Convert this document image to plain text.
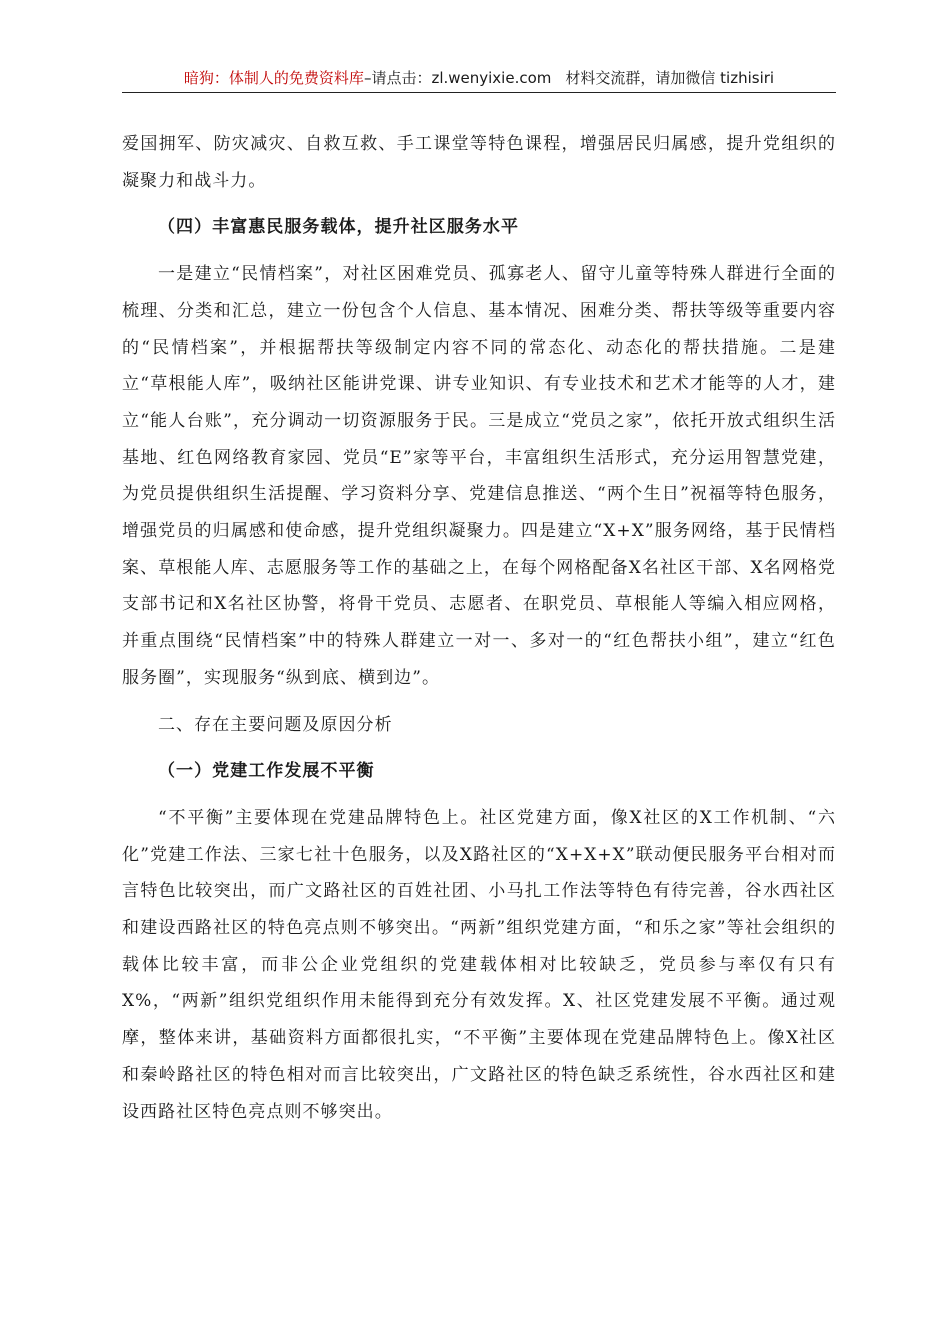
暗狗：体制人的免费资料库–请点击：zl.wenyixie.com 材料交流群，请加微信 tizhisiri

爱国拥军、防灾减灾、自救互救、手工课堂等特色课程，增强居民归属感，提升党组织的凝聚力和战斗力。

（四）丰富惠民服务载体，提升社区服务水平

一是建立“民情档案”，对社区困难党员、孤寡老人、留守儿童等特殊人群进行全面的梳理、分类和汇总，建立一份包含个人信息、基本情况、困难分类、帮扶等级等重要内容的“民情档案”，并根据帮扶等级制定内容不同的常态化、动态化的帮扶措施。二是建立“草根能人库”，吸纳社区能讲党课、讲专业知识、有专业技术和艺术才能等的人才，建立“能人台账”，充分调动一切资源服务于民。三是成立“党员之家”，依托开放式组织生活基地、红色网络教育家园、党员“E”家等平台，丰富组织生活形式，充分运用智慧党建，为党员提供组织生活提醒、学习资料分享、党建信息推送、“两个生日”祝福等特色服务，增强党员的归属感和使命感，提升党组织凝聚力。四是建立“X+X”服务网络，基于民情档案、草根能人库、志愿服务等工作的基础之上，在每个网格配备X名社区干部、X名网格党支部书记和X名社区协警，将骨干党员、志愿者、在职党员、草根能人等编入相应网格，并重点围绕“民情档案”中的特殊人群建立一对一、多对一的“红色帮扶小组”，建立“红色服务圈”，实现服务“纵到底、横到边”。

二、存在主要问题及原因分析

（一）党建工作发展不平衡

“不平衡”主要体现在党建品牌特色上。社区党建方面，像X社区的X工作机制、“六化”党建工作法、三家七社十色服务，以及X路社区的“X+X+X”联动便民服务平台相对而言特色比较突出，而广文路社区的百姓社团、小马扎工作法等特色有待完善，谷水西社区和建设西路社区的特色亮点则不够突出。“两新”组织党建方面，“和乐之家”等社会组织的载体比较丰富，而非公企业党组织的党建载体相对比较缺乏，党员参与率仅有只有X%，“两新”组织党组织作用未能得到充分有效发挥。X、社区党建发展不平衡。通过观摩，整体来讲，基础资料方面都很扎实，“不平衡”主要体现在党建品牌特色上。像X社区和秦岭路社区的特色相对而言比较突出，广文路社区的特色缺乏系统性，谷水西社区和建设西路社区特色亮点则不够突出。
